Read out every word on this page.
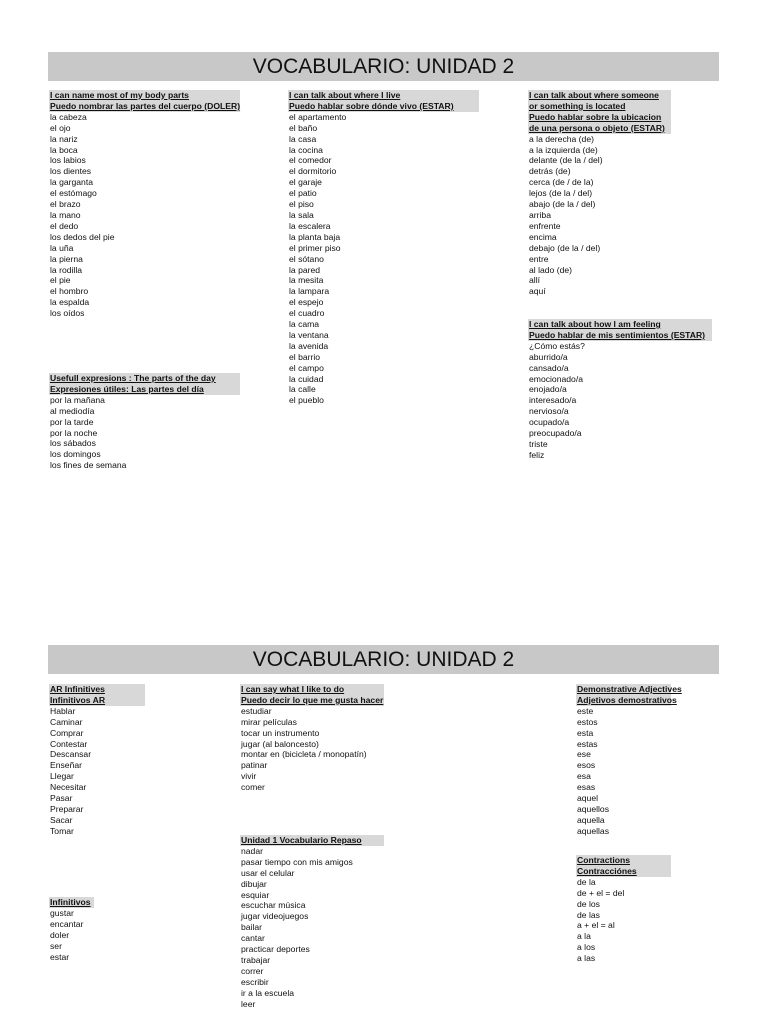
VOCABULARIO: UNIDAD 2
I can name most of my body parts
Puedo nombrar las partes del cuerpo (DOLER)
la cabeza
el ojo
la nariz
la boca
los labios
los dientes
la garganta
el estómago
el brazo
la mano
el dedo
los dedos del pie
la uña
la pierna
la rodilla
el pie
el hombro
la espalda
los oídos
Usefull expresions : The parts of the day
Expresiones útiles: Las partes del día
por la mañana
al mediodía
por la tarde
por la noche
los sábados
los domingos
los fines de semana
I can talk about where I live
Puedo hablar sobre dónde vivo (ESTAR)
el apartamento
el baño
la casa
la cocina
el comedor
el dormitorio
el garaje
el patio
el piso
la sala
la escalera
la planta baja
el primer piso
el sótano
la pared
la mesita
la lampara
el espejo
el cuadro
la cama
la ventana
la avenida
el barrio
el campo
la cuidad
la calle
el pueblo
I can talk about where someone
or something is located
Puedo hablar sobre la ubicacion
de una persona o objeto (ESTAR)
a la derecha (de)
a la izquierda (de)
delante (de la / del)
detrás (de)
cerca (de / de la)
lejos (de la / del)
abajo (de la / del)
arriba
enfrente
encima
debajo (de la / del)
entre
al lado (de)
allí
aquí
I can talk about how I am feeling
Puedo hablar de mis sentimientos (ESTAR)
¿Cómo estás?
aburrido/a
cansado/a
emocionado/a
enojado/a
interesado/a
nervioso/a
ocupado/a
preocupado/a
triste
feliz
VOCABULARIO: UNIDAD 2
AR Infinitives
Infinitivos AR
Hablar
Caminar
Comprar
Contestar
Descansar
Enseñar
Llegar
Necesitar
Pasar
Preparar
Sacar
Tomar
Infinitivos
gustar
encantar
doler
ser
estar
I can say what I like to do
Puedo decir lo que me gusta hacer
estudiar
mirar películas
tocar un instrumento
jugar (al baloncesto)
montar en (bicicleta / monopatín)
patinar
vivir
comer
Unidad 1 Vocabulario Repaso
nadar
pasar tiempo con mis amigos
usar el celular
dibujar
esquiar
escuchar música
jugar videojuegos
bailar
cantar
practicar deportes
trabajar
correr
escribir
ir a la escuela
leer
Demonstrative Adjectives
Adjetivos demostrativos
este
estos
esta
estas
ese
esos
esa
esas
aquel
aquellos
aquella
aquellas
Contractions
Contracciónes
de la
de + el = del
de los
de las
a + el = al
a la
a los
a las
